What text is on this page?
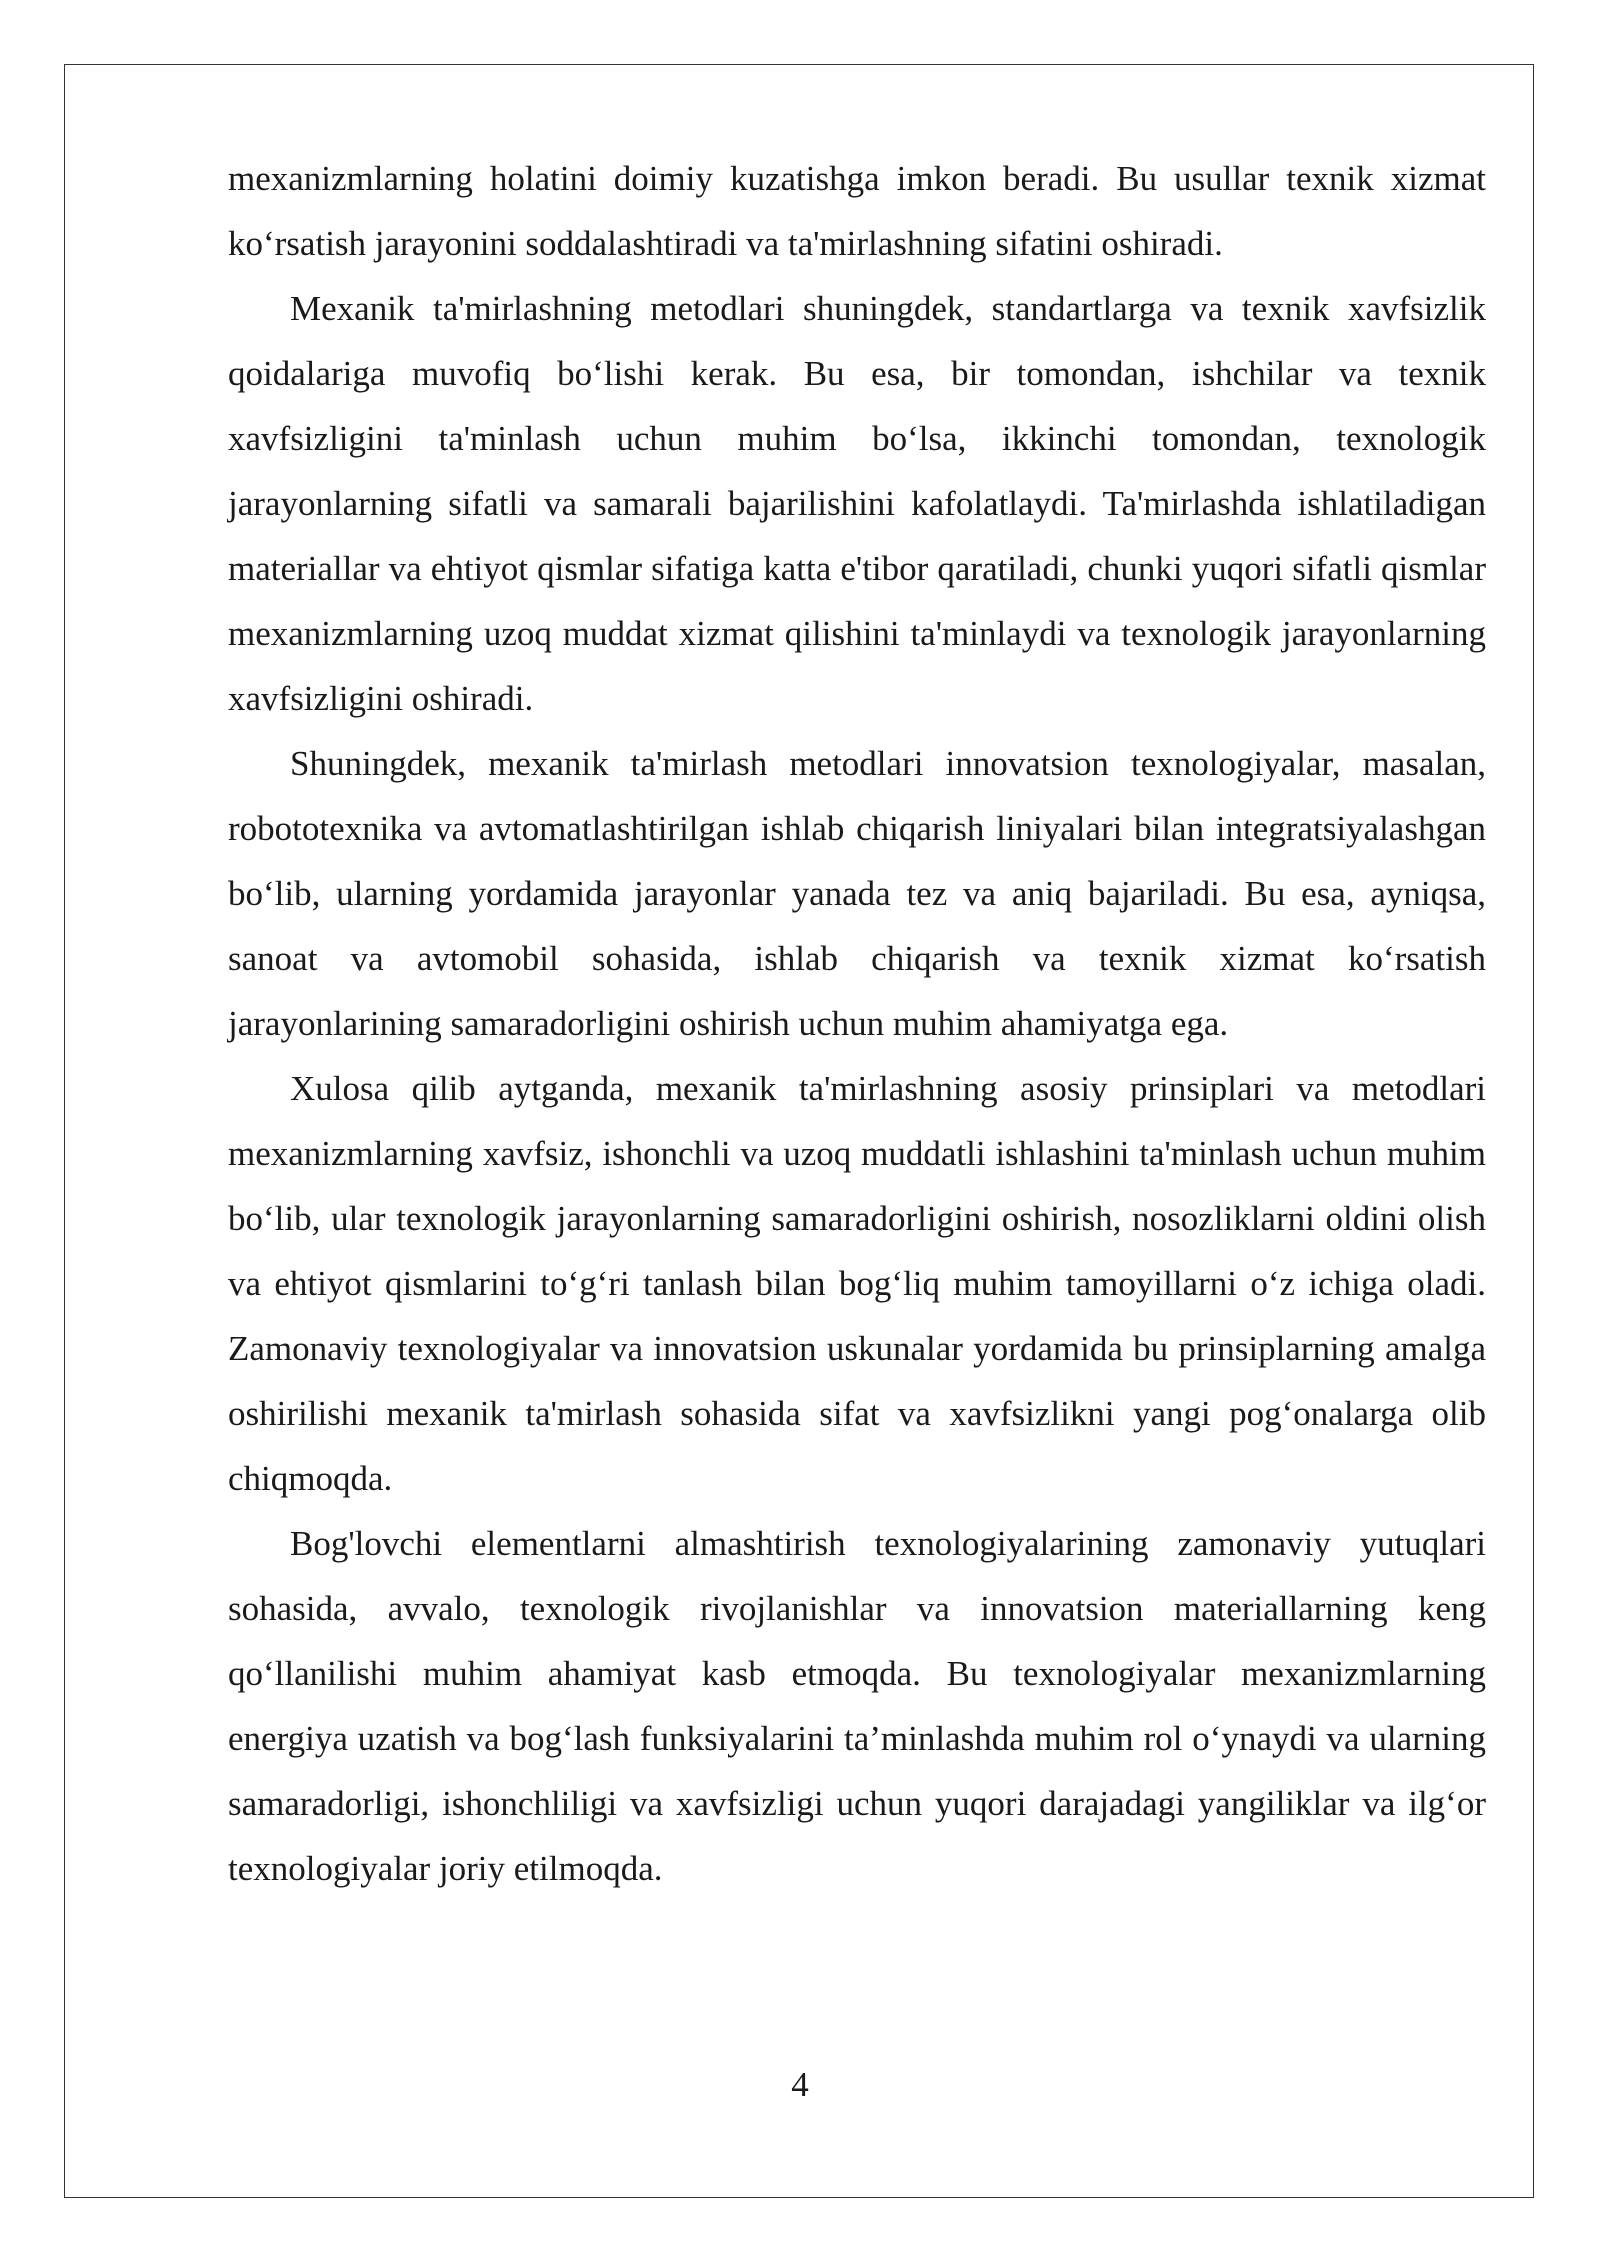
mexanizmlarning holatini doimiy kuzatishga imkon beradi. Bu usullar texnik xizmat koʻrsatish jarayonini soddalashtiradi va ta'mirlashning sifatini oshiradi.

Mexanik ta'mirlashning metodlari shuningdek, standartlarga va texnik xavfsizlik qoidalariga muvofiq boʻlishi kerak. Bu esa, bir tomondan, ishchilar va texnik xavfsizligini ta'minlash uchun muhim boʻlsa, ikkinchi tomondan, texnologik jarayonlarning sifatli va samarali bajarilishini kafolatlaydi. Ta'mirlashda ishlatiladigan materiallar va ehtiyot qismlar sifatiga katta e'tibor qaratiladi, chunki yuqori sifatli qismlar mexanizmlarning uzoq muddat xizmat qilishini ta'minlaydi va texnologik jarayonlarning xavfsizligini oshiradi.

Shuningdek, mexanik ta'mirlash metodlari innovatsion texnologiyalar, masalan, robototexnika va avtomatlashtirilgan ishlab chiqarish liniyalari bilan integratsiyalashgan boʻlib, ularning yordamida jarayonlar yanada tez va aniq bajariladi. Bu esa, ayniqsa, sanoat va avtomobil sohasida, ishlab chiqarish va texnik xizmat koʻrsatish jarayonlarining samaradorligini oshirish uchun muhim ahamiyatga ega.

Xulosa qilib aytganda, mexanik ta'mirlashning asosiy prinsiplari va metodlari mexanizmlarning xavfsiz, ishonchli va uzoq muddatli ishlashini ta'minlash uchun muhim boʻlib, ular texnologik jarayonlarning samaradorligini oshirish, nosozliklarni oldini olish va ehtiyot qismlarini toʻgʻri tanlash bilan bogʻliq muhim tamoyillarni oʻz ichiga oladi. Zamonaviy texnologiyalar va innovatsion uskunalar yordamida bu prinsiplarning amalga oshirilishi mexanik ta'mirlash sohasida sifat va xavfsizlikni yangi pogʻonalarga olib chiqmoqda.

Bog'lovchi elementlarni almashtirish texnologiyalarining zamonaviy yutuqlari sohasida, avvalo, texnologik rivojlanishlar va innovatsion materiallarning keng qoʻllanilishi muhim ahamiyat kasb etmoqda. Bu texnologiyalar mexanizmlarning energiya uzatish va bogʻlash funksiyalarini ta’minlashda muhim rol oʻynaydi va ularning samaradorligi, ishonchliligi va xavfsizligi uchun yuqori darajadagi yangiliklar va ilgʻor texnologiyalar joriy etilmoqda.

4
